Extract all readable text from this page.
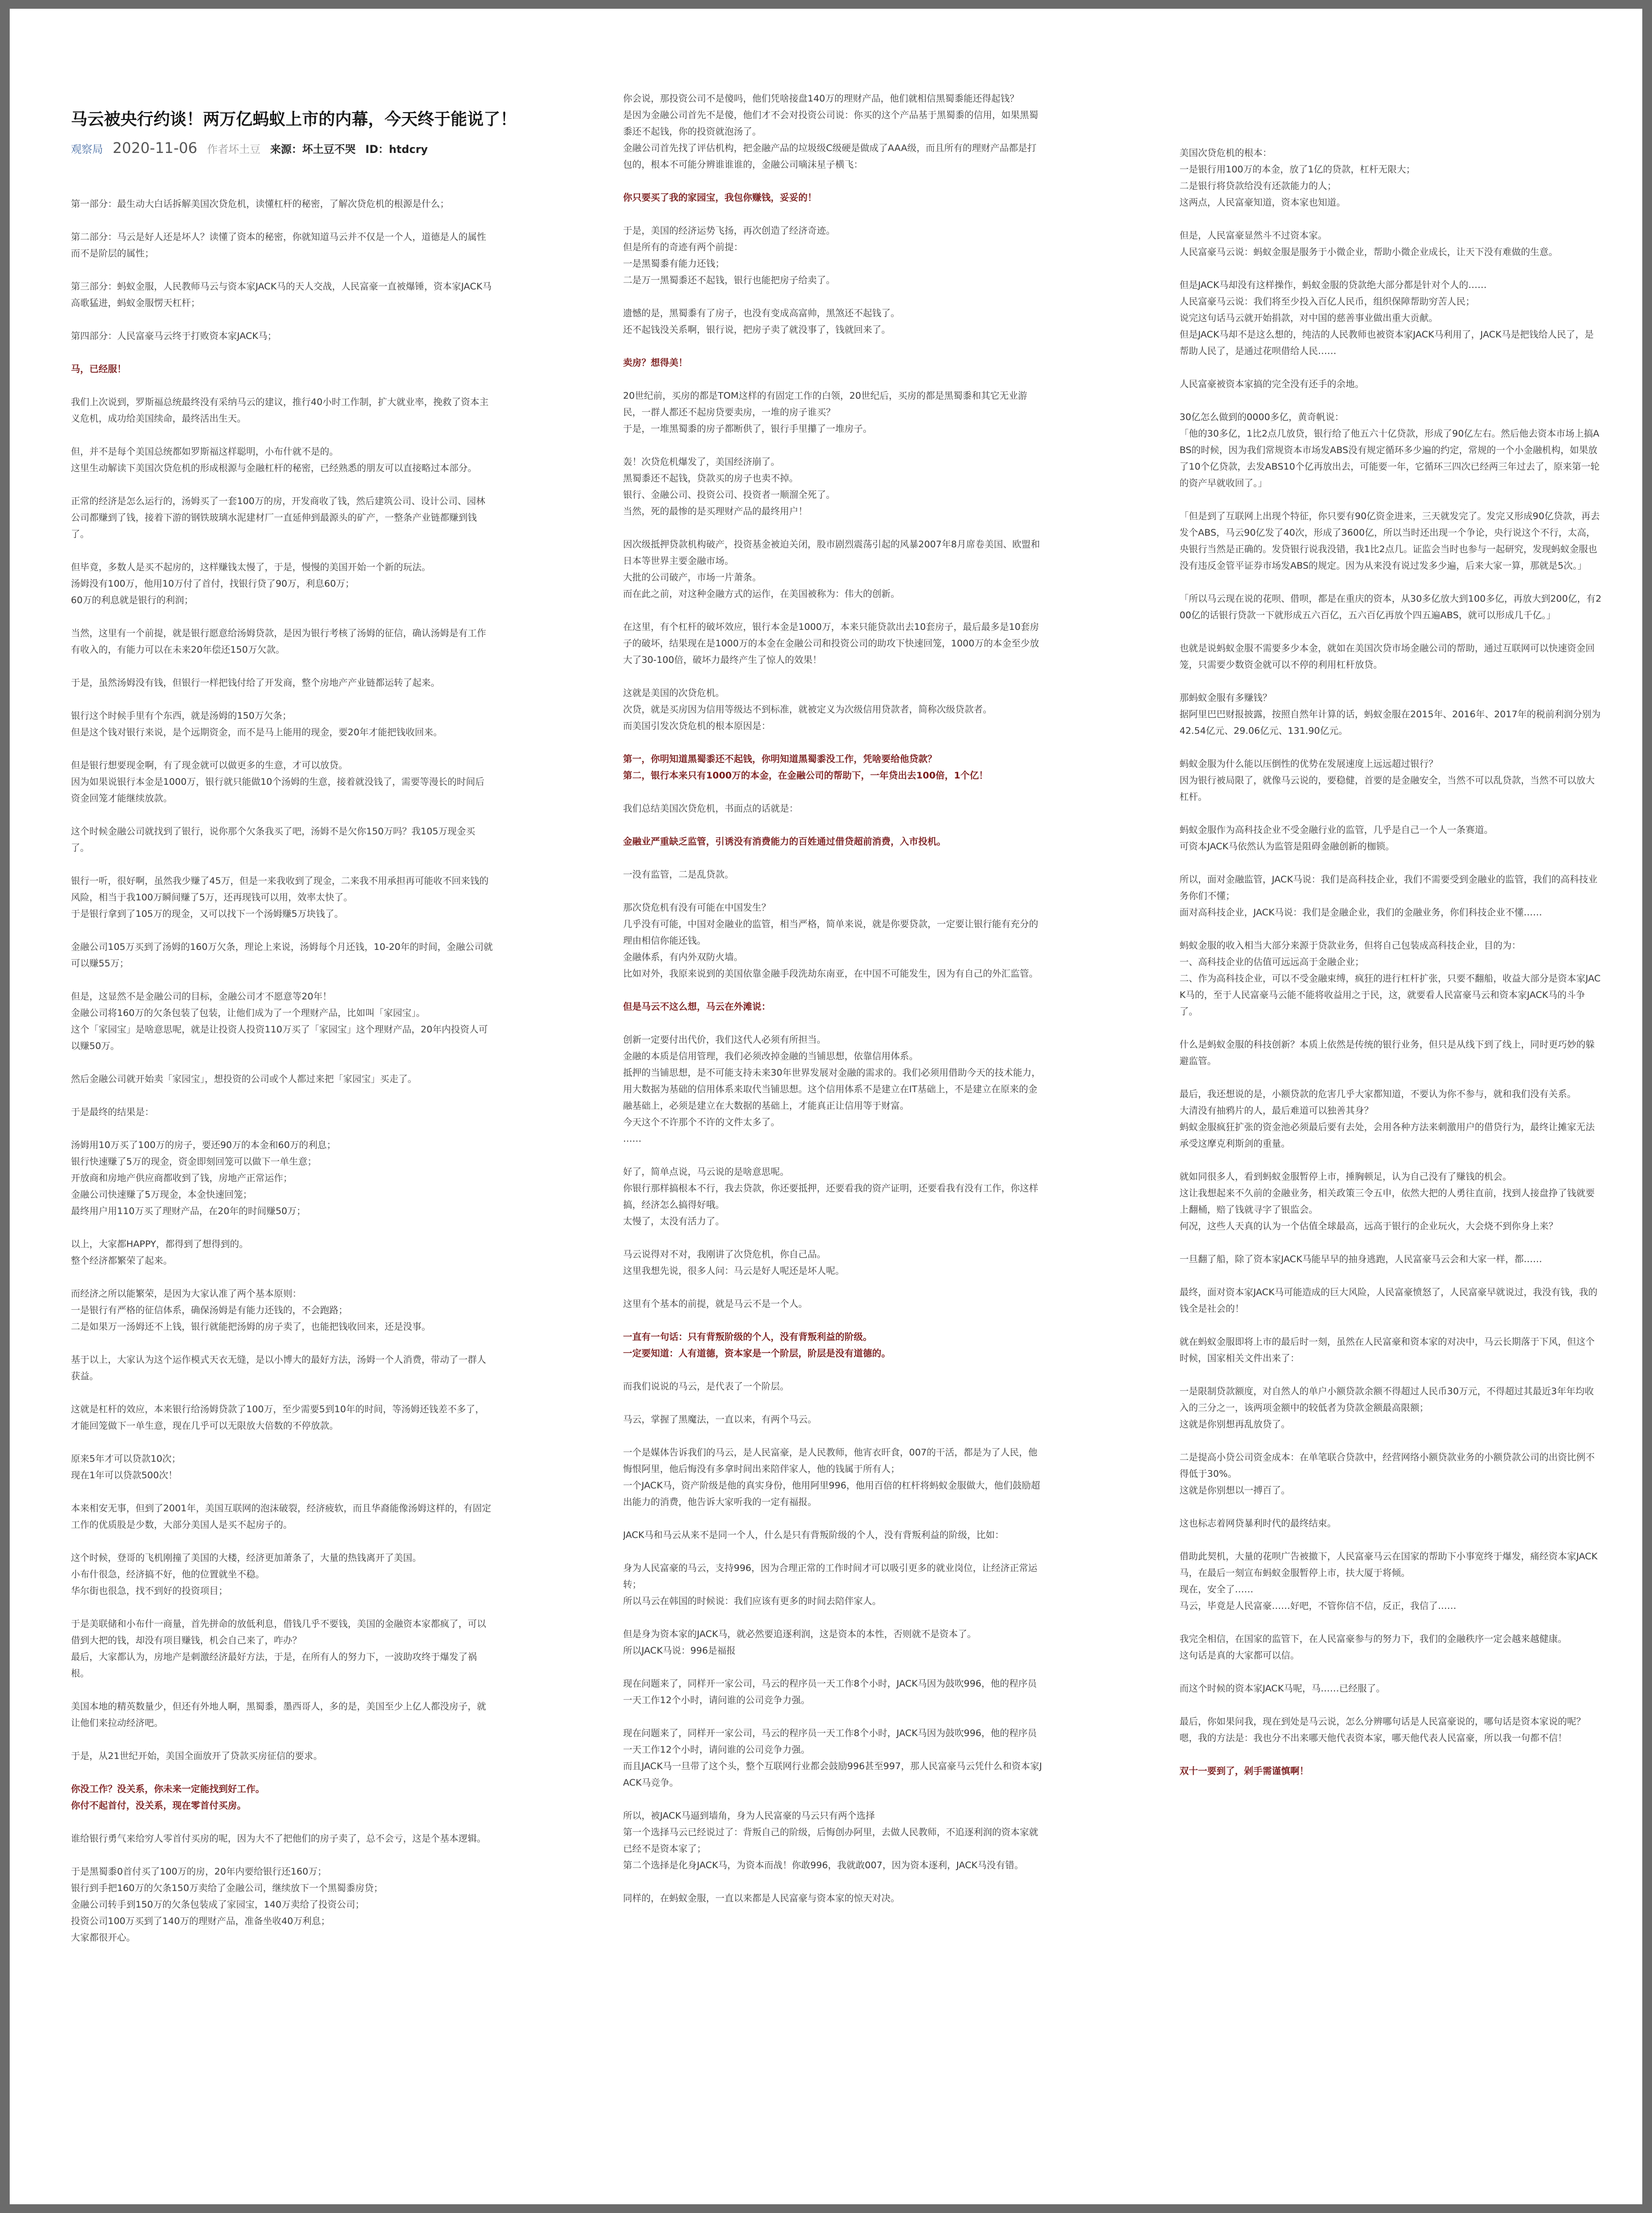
马云被央行约谈！两万亿蚂蚁上市的内幕，今天终于能说了！
观察局 2020-11-06 作者坏土豆 来源：坏土豆不哭 ID：htdcry

第一部分：最生动大白话拆解美国次贷危机，读懂杠杆的秘密，了解次贷危机的根源是什么；

第二部分：马云是好人还是坏人？读懂了资本的秘密，你就知道马云并不仅是一个人，道德是人的属性而不是阶层的属性；

第三部分：蚂蚁金服，人民教师马云与资本家JACK马的天人交战，人民富豪一直被爆锤，资本家JACK马高歌猛进，蚂蚁金服愣天杠杆；

第四部分：人民富豪马云终于打败资本家JACK马；

马，已经服！

我们上次说到，罗斯福总统最终没有采纳马云的建议，推行40小时工作制，扩大就业率，挽救了资本主义危机，成功给美国续命，最终活出生天。

但，并不是每个美国总统都如罗斯福这样聪明，小布什就不是的。
这里生动解读下美国次贷危机的形成根源与金融杠杆的秘密，已经熟悉的朋友可以直接略过本部分。

正常的经济是怎么运行的，汤姆买了一套100万的房，开发商收了钱，然后建筑公司、设计公司、园林公司都赚到了钱，接着下游的钢铁玻璃水泥建材厂一直延伸到最源头的矿产，一整条产业链都赚到钱了。

但毕竟，多数人是买不起房的，这样赚钱太慢了，于是，慢慢的美国开始一个新的玩法。
汤姆没有100万，他用10万付了首付，找银行贷了90万，利息60万；
60万的利息就是银行的利润；

当然，这里有一个前提，就是银行愿意给汤姆贷款，是因为银行考核了汤姆的征信，确认汤姆是有工作有收入的，有能力可以在未来20年偿还150万欠款。

于是，虽然汤姆没有钱，但银行一样把钱付给了开发商，整个房地产产业链都运转了起来。

银行这个时候手里有个东西，就是汤姆的150万欠条；
但是这个钱对银行来说，是个远期资金，而不是马上能用的现金，要20年才能把钱收回来。

但是银行想要现金啊，有了现金就可以做更多的生意，才可以放贷。
因为如果说银行本金是1000万，银行就只能做10个汤姆的生意，接着就没钱了，需要等漫长的时间后资金回笼才能继续放款。

这个时候金融公司就找到了银行，说你那个欠条我买了吧，汤姆不是欠你150万吗？我105万现金买了。

银行一听，很好啊，虽然我少赚了45万，但是一来我收到了现金，二来我不用承担再可能收不回来钱的风险，相当于我100万瞬间赚了5万，还再现钱可以用，效率太快了。
于是银行拿到了105万的现金，又可以找下一个汤姆赚5万块钱了。

金融公司105万买到了汤姆的160万欠条，理论上来说，汤姆每个月还钱，10-20年的时间，金融公司就可以赚55万；

但是，这显然不是金融公司的目标，金融公司才不愿意等20年！
金融公司将160万的欠条包装了包装，让他们成为了一个理财产品，比如叫「家园宝」。
这个「家园宝」是啥意思呢，就是让投资人投资110万买了「家园宝」这个理财产品，20年内投资人可以赚50万。

然后金融公司就开始卖「家园宝」，想投资的公司或个人都过来把「家园宝」买走了。

于是最终的结果是：

汤姆用10万买了100万的房子，要还90万的本金和60万的利息；
银行快速赚了5万的现金，资金即刻回笼可以做下一单生意；
开放商和房地产供应商都收到了钱，房地产正常运作；
金融公司快速赚了5万现金，本金快速回笼；
最终用户用110万买了理财产品，在20年的时间赚50万；

以上，大家都HAPPY，都得到了想得到的。
整个经济都繁荣了起来。

而经济之所以能繁荣，是因为大家认准了两个基本原则：
一是银行有严格的征信体系，确保汤姆是有能力还钱的，不会跑路；
二是如果万一汤姆还不上钱，银行就能把汤姆的房子卖了，也能把钱收回来，还是没事。

基于以上，大家认为这个运作模式天衣无缝，是以小博大的最好方法，汤姆一个人消费，带动了一群人获益。

这就是杠杆的效应，本来银行给汤姆贷款了100万，至少需要5到10年的时间，等汤姆还钱差不多了，才能回笼做下一单生意，现在几乎可以无限放大倍数的不停放款。

原来5年才可以贷款10次；
现在1年可以贷款500次！

本来相安无事，但到了2001年，美国互联网的泡沫破裂，经济疲软，而且华裔能像汤姆这样的，有固定工作的优质股是少数，大部分美国人是买不起房子的。

这个时候，登哥的飞机刚撞了美国的大楼，经济更加萧条了，大量的热钱离开了美国。
小布什很急，经济搞不好，他的位置就坐不稳。
华尔街也很急，找不到好的投资项目；

于是美联储和小布什一商量，首先拼命的放低利息，借钱几乎不要钱，美国的金融资本家都疯了，可以借到大把的钱，却没有项目赚钱，机会自己来了，咋办？
最后，大家都认为，房地产是刺激经济最好方法，于是，在所有人的努力下，一波助攻终于爆发了祸根。

美国本地的精英数量少，但还有外地人啊，黑蜀黍，墨西哥人，多的是，美国至少上亿人都没房子，就让他们来拉动经济吧。

于是，从21世纪开始，美国全面放开了贷款买房征信的要求。

你没工作？没关系，你未来一定能找到好工作。
你付不起首付，没关系，现在零首付买房。

谁给银行勇气来给穷人零首付买房的呢，因为大不了把他们的房子卖了，总不会亏，这是个基本逻辑。

于是黑蜀黍0首付买了100万的房，20年内要给银行还160万；
银行到手把160万的欠条150万卖给了金融公司，继续放下一个黑蜀黍房贷；
金融公司转手到150万的欠条包装成了家园宝，140万卖给了投资公司；
投资公司100万买到了140万的理财产品，准备坐收40万利息；
大家都很开心。

你会说，那投资公司不是傻吗，他们凭啥接盘140万的理财产品，他们就相信黑蜀黍能还得起钱？
是因为金融公司首先不是傻，他们才不会对投资公司说：你买的这个产品基于黑蜀黍的信用，如果黑蜀黍还不起钱，你的投资就泡汤了。
金融公司首先找了评估机构，把金融产品的垃圾级C级硬是做成了AAA级，而且所有的理财产品都是打包的，根本不可能分辨谁谁谁的，金融公司嘀沫星子横飞：

你只要买了我的家园宝，我包你赚钱，妥妥的！

于是，美国的经济运势飞扬，再次创造了经济奇迹。
但是所有的奇迹有两个前提：
一是黑蜀黍有能力还钱；
二是万一黑蜀黍还不起钱，银行也能把房子给卖了。

遗憾的是，黑蜀黍有了房子，也没有变成高富帅，黑煞还不起钱了。
还不起钱没关系啊，银行说，把房子卖了就没事了，钱就回来了。

卖房？想得美！

20世纪前，买房的都是TOM这样的有固定工作的白领，20世纪后，买房的都是黑蜀黍和其它无业游民，一群人都还不起房贷要卖房，一堆的房子谁买？
于是，一堆黑蜀黍的房子都断供了，银行手里攥了一堆房子。

轰！次贷危机爆发了，美国经济崩了。
黑蜀黍还不起钱，贷款买的房子也卖不掉。
银行、金融公司、投资公司、投资者一顺溜全死了。
当然，死的最惨的是买理财产品的最终用户！

因次级抵押贷款机构破产，投资基金被迫关闭，股市剧烈震荡引起的风暴2007年8月席卷美国、欧盟和日本等世界主要金融市场。
大批的公司破产，市场一片萧条。
而在此之前，对这种金融方式的运作，在美国被称为：伟大的创新。

在这里，有个杠杆的破坏效应，银行本金是1000万，本来只能贷款出去10套房子，最后最多是10套房子的破坏，结果现在是1000万的本金在金融公司和投资公司的助攻下快速回笼，1000万的本金至少放大了30-100倍，破坏力最终产生了惊人的效果！

这就是美国的次贷危机。
次贷，就是买房因为信用等级达不到标准，就被定义为次级信用贷款者，简称次级贷款者。
而美国引发次贷危机的根本原因是：

第一，你明知道黑蜀黍还不起钱，你明知道黑蜀黍没工作，凭啥要给他贷款？
第二，银行本来只有1000万的本金，在金融公司的帮助下，一年贷出去100倍，1个亿！

我们总结美国次贷危机，书面点的话就是：

金融业严重缺乏监管，引诱没有消费能力的百姓通过借贷超前消费，入市投机。

一没有监管，二是乱贷款。

那次贷危机有没有可能在中国发生？
几乎没有可能，中国对金融业的监管，相当严格，简单来说，就是你要贷款，一定要让银行能有充分的理由相信你能还钱。
金融体系，有内外双防火墙。
比如对外，我原来说到的美国依靠金融手段洗劫东南亚，在中国不可能发生，因为有自己的外汇监管。

但是马云不这么想，马云在外滩说：

创新一定要付出代价，我们这代人必须有所担当。
金融的本质是信用管理，我们必须改掉金融的当铺思想，依靠信用体系。
抵押的当铺思想，是不可能支持未来30年世界发展对金融的需求的。我们必须用借助今天的技术能力，用大数据为基础的信用体系来取代当铺思想。这个信用体系不是建立在IT基础上，不是建立在原来的金融基础上，必须是建立在大数据的基础上，才能真正让信用等于财富。
今天这个不许那个不许的文件太多了。
……

好了，简单点说，马云说的是啥意思呢。
你银行那样搞根本不行，我去贷款，你还要抵押，还要看我的资产证明，还要看我有没有工作，你这样搞，经济怎么搞得好哦。
太慢了，太没有活力了。

马云说得对不对，我刚讲了次贷危机，你自己品。
这里我想先说，很多人问：马云是好人呢还是坏人呢。

这里有个基本的前提，就是马云不是一个人。

一直有一句话：只有背叛阶级的个人，没有背叛利益的阶级。
一定要知道：人有道德，资本家是一个阶层，阶层是没有道德的。

而我们说说的马云，是代表了一个阶层。

马云，掌握了黑魔法，一直以来，有两个马云。

一个是媒体告诉我们的马云，是人民富豪，是人民教师，他宵衣旰食，007的干活，都是为了人民，他悔恨阿里，他后悔没有多拿时间出来陪伴家人，他的钱属于所有人；
一个JACK马，资产阶级是他的真实身份，他用阿里996，他用百倍的杠杆将蚂蚁金服做大，他们鼓励超出能力的消费，他告诉大家听我的一定有福报。

JACK马和马云从来不是同一个人，什么是只有背叛阶级的个人，没有背叛利益的阶级，比如：

身为人民富豪的马云，支持996，因为合理正常的工作时间才可以吸引更多的就业岗位，让经济正常运转；
所以马云在韩国的时候说：我们应该有更多的时间去陪伴家人。

但是身为资本家的JACK马，就必然要追逐利润，这是资本的本性，否则就不是资本了。
所以JACK马说：996是福报

现在问题来了，同样开一家公司，马云的程序员一天工作8个小时，JACK马因为鼓吹996，他的程序员一天工作12个小时，请问谁的公司竞争力强。

现在问题来了，同样开一家公司，马云的程序员一天工作8个小时，JACK马因为鼓吹996，他的程序员一天工作12个小时，请问谁的公司竞争力强。
而且JACK马一旦带了这个头，整个互联网行业都会鼓励996甚至997，那人民富豪马云凭什么和资本家JACK马竞争。

所以，被JACK马逼到墙角，身为人民富豪的马云只有两个选择
第一个选择马云已经说过了：背叛自己的阶级，后悔创办阿里，去做人民教师，不追逐利润的资本家就已经不是资本家了；
第二个选择是化身JACK马，为资本而战！你敢996，我就敢007，因为资本逐利，JACK马没有错。

同样的，在蚂蚁金服，一直以来都是人民富豪与资本家的惊天对决。

美国次贷危机的根本：
一是银行用100万的本金，放了1亿的贷款，杠杆无限大；
二是银行将贷款给没有还款能力的人；
这两点，人民富豪知道，资本家也知道。

但是，人民富豪显然斗不过资本家。
人民富豪马云说：蚂蚁金服是服务于小微企业，帮助小微企业成长，让天下没有难做的生意。

但是JACK马却没有这样操作，蚂蚁金服的贷款绝大部分都是针对个人的……
人民富豪马云说：我们将至少投入百亿人民币，组织保障帮助穷苦人民；
说完这句话马云就开始捐款，对中国的慈善事业做出重大贡献。
但是JACK马却不是这么想的，纯洁的人民教师也被资本家JACK马利用了，JACK马是把钱给人民了，是帮助人民了，是通过花呗借给人民……

人民富豪被资本家搞的完全没有还手的余地。

30亿怎么做到的0000多亿，黄奇帆说：
「他的30多亿，1比2点几放贷，银行给了他五六十亿贷款，形成了90亿左右。然后他去资本市场上搞ABS的时候，因为我们常规资本市场发ABS没有规定循环多少遍的约定，常规的一个小金融机构，如果放了10个亿贷款，去发ABS10个亿再放出去，可能要一年，它循环三四次已经两三年过去了，原来第一轮的资产早就收回了。」

「但是到了互联网上出现个特征，你只要有90亿资金进来，三天就发完了。发完又形成90亿贷款，再去发个ABS，马云90亿发了40次，形成了3600亿，所以当时还出现一个争论，央行说这个不行，太高，央银行当然是正确的。发贷银行说我没错，我1比2点几。证监会当时也参与一起研究，发现蚂蚁金服也没有违反金管平证券市场发ABS的规定。因为从来没有说过发多少遍，后来大家一算，那就是5次。」

「所以马云现在说的花呗、借呗，都是在重庆的资本，从30多亿放大到100多亿，再放大到200亿，有200亿的话银行贷款一下就形成五六百亿，五六百亿再放个四五遍ABS，就可以形成几千亿。」

也就是说蚂蚁金服不需要多少本金，就如在美国次贷市场金融公司的帮助，通过互联网可以快速资金回笼，只需要少数资金就可以不停的利用杠杆放贷。

那蚂蚁金服有多赚钱？
据阿里巴巴财报披露，按照自然年计算的话，蚂蚁金服在2015年、2016年、2017年的税前利润分别为42.54亿元、29.06亿元、131.90亿元。

蚂蚁金服为什么能以压倒性的优势在发展速度上远远超过银行？
因为银行被局限了，就像马云说的，要稳健，首要的是金融安全，当然不可以乱贷款，当然不可以放大杠杆。

蚂蚁金服作为高科技企业不受金融行业的监管，几乎是自己一个人一条赛道。
可资本JACK马依然认为监管是阻碍金融创新的枷锁。

所以，面对金融监管，JACK马说：我们是高科技企业，我们不需要受到金融业的监管，我们的高科技业务你们不懂；
面对高科技企业，JACK马说：我们是金融企业，我们的金融业务，你们科技企业不懂……

蚂蚁金服的收入相当大部分来源于贷款业务，但将自己包装成高科技企业，目的为：
一、高科技企业的估值可远远高于金融企业；
二、作为高科技企业，可以不受金融束缚，疯狂的进行杠杆扩张，只要不翻船，收益大部分是资本家JACK马的，至于人民富豪马云能不能将收益用之于民，这，就要看人民富豪马云和资本家JACK马的斗争了。

什么是蚂蚁金服的科技创新？本质上依然是传统的银行业务，但只是从线下到了线上，同时更巧妙的躲避监管。

最后，我还想说的是，小额贷款的危害几乎大家都知道，不要认为你不参与，就和我们没有关系。
大清没有抽鸦片的人，最后难道可以独善其身？
蚂蚁金服疯狂扩张的资金池必须最后要有去处，会用各种方法来刺激用户的借贷行为，最终让摊家无法承受这摩克利斯剑的重量。

就如同很多人，看到蚂蚁金服暂停上市，捶胸顿足，认为自己没有了赚钱的机会。
这让我想起来不久前的金融业务，相关政策三令五申，依然大把的人勇往直前，找到人接盘挣了钱就要上翻桶，赔了钱就寻字了银监会。
何况，这些人天真的认为一个估值全球最高，远高于银行的企业玩火，大会烧不到你身上来？

一旦翻了船，除了资本家JACK马能早早的抽身逃跑，人民富豪马云会和大家一样，都……

最终，面对资本家JACK马可能造成的巨大风险，人民富豪愤怒了，人民富豪早就说过，我没有钱，我的钱全是社会的！

就在蚂蚁金服即将上市的最后时一刻，虽然在人民富豪和资本家的对决中，马云长期落于下风，但这个时候，国家相关文件出来了：

一是限制贷款额度，对自然人的单户小额贷款余额不得超过人民币30万元，不得超过其最近3年年均收入的三分之一，该两项金额中的较低者为贷款金额最高限额；
这就是你别想再乱放贷了。

二是提高小贷公司资金成本：在单笔联合贷款中，经营网络小额贷款业务的小额贷款公司的出资比例不得低于30%。
这就是你别想以一搏百了。

这也标志着网贷暴利时代的最终结束。

借助此契机，大量的花呗广告被撤下，人民富豪马云在国家的帮助下小事宽终于爆发，痛经资本家JACK马，在最后一刻宣布蚂蚁金服暂停上市，扶大厦于将倾。
现在，安全了……
马云，毕竟是人民富豪……好吧，不管你信不信，反正，我信了……

我完全相信，在国家的监管下，在人民富豪参与的努力下，我们的金融秩序一定会越来越健康。
这句话是真的大家都可以信。

而这个时候的资本家JACK马呢，马……已经服了。

最后，你如果问我，现在到处是马云说，怎么分辨哪句话是人民富豪说的，哪句话是资本家说的呢？
嗯，我的方法是：我也分不出来哪天他代表资本家，哪天他代表人民富豪，所以我一句都不信！

双十一要到了，剁手需谨慎啊！
